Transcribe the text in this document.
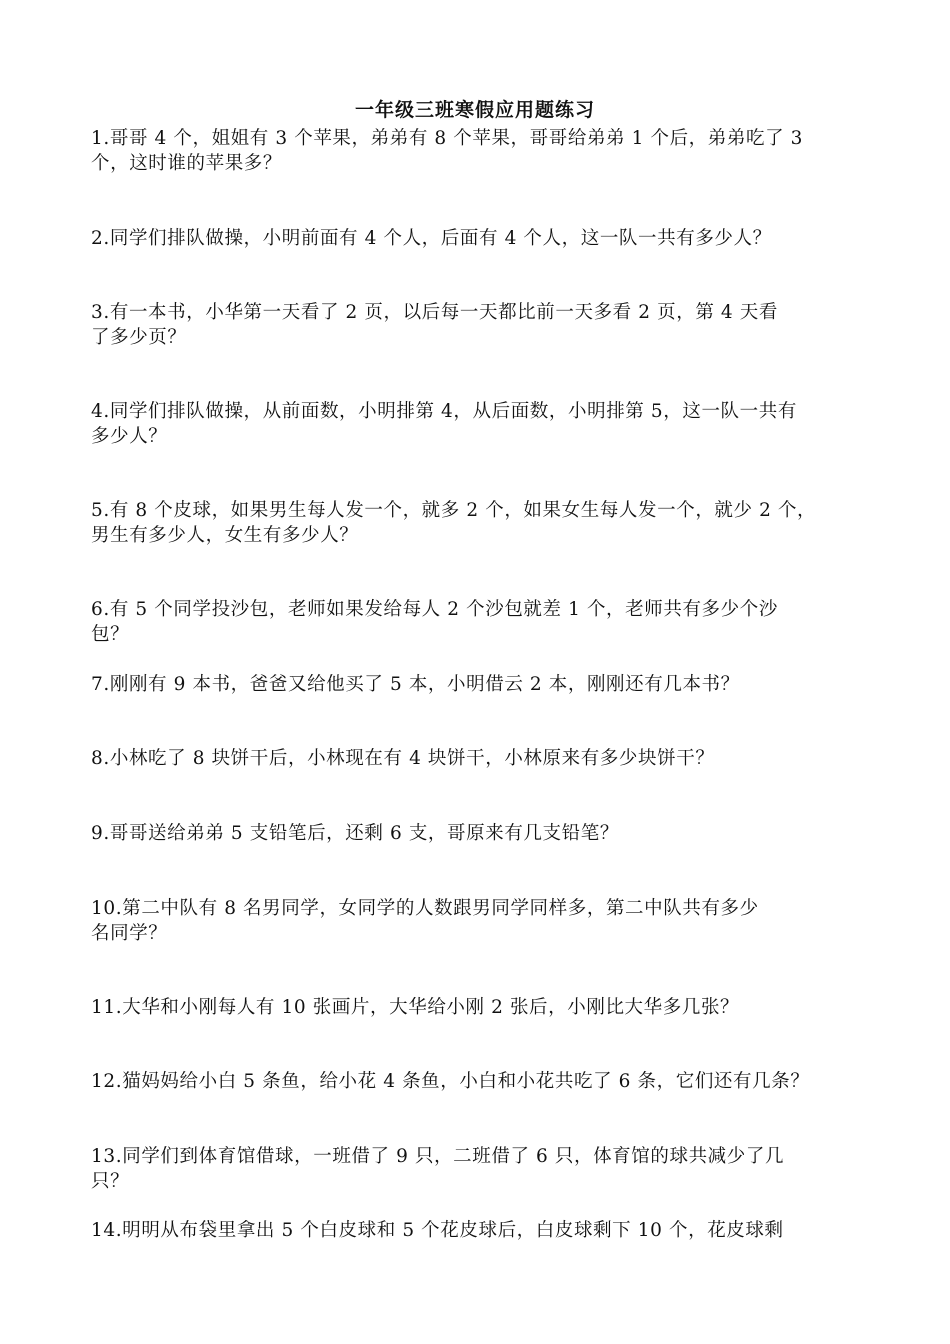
一年级三班寒假应用题练习
1.哥哥 4 个，姐姐有 3 个苹果，弟弟有 8 个苹果，哥哥给弟弟 1 个后，弟弟吃了 3
个，这时谁的苹果多？
2.同学们排队做操，小明前面有 4 个人，后面有 4 个人，这一队一共有多少人？
3.有一本书，小华第一天看了 2 页，以后每一天都比前一天多看 2 页，第 4 天看
了多少页？
4.同学们排队做操，从前面数，小明排第 4，从后面数，小明排第 5，这一队一共有
多少人？
5.有 8 个皮球，如果男生每人发一个，就多 2 个，如果女生每人发一个，就少 2 个，
男生有多少人，女生有多少人？
6.有 5 个同学投沙包，老师如果发给每人 2 个沙包就差 1 个，老师共有多少个沙
包？
7.刚刚有 9 本书，爸爸又给他买了 5 本，小明借云 2 本，刚刚还有几本书？
8.小林吃了 8 块饼干后，小林现在有 4 块饼干，小林原来有多少块饼干？
9.哥哥送给弟弟 5 支铅笔后，还剩 6 支，哥原来有几支铅笔？
10.第二中队有 8 名男同学，女同学的人数跟男同学同样多，第二中队共有多少
名同学？
11.大华和小刚每人有 10 张画片，大华给小刚 2 张后，小刚比大华多几张？
12.猫妈妈给小白 5 条鱼，给小花 4 条鱼，小白和小花共吃了 6 条，它们还有几条？
13.同学们到体育馆借球，一班借了 9 只，二班借了 6 只，体育馆的球共减少了几
只？
14.明明从布袋里拿出 5 个白皮球和 5 个花皮球后，白皮球剩下 10 个，花皮球剩
